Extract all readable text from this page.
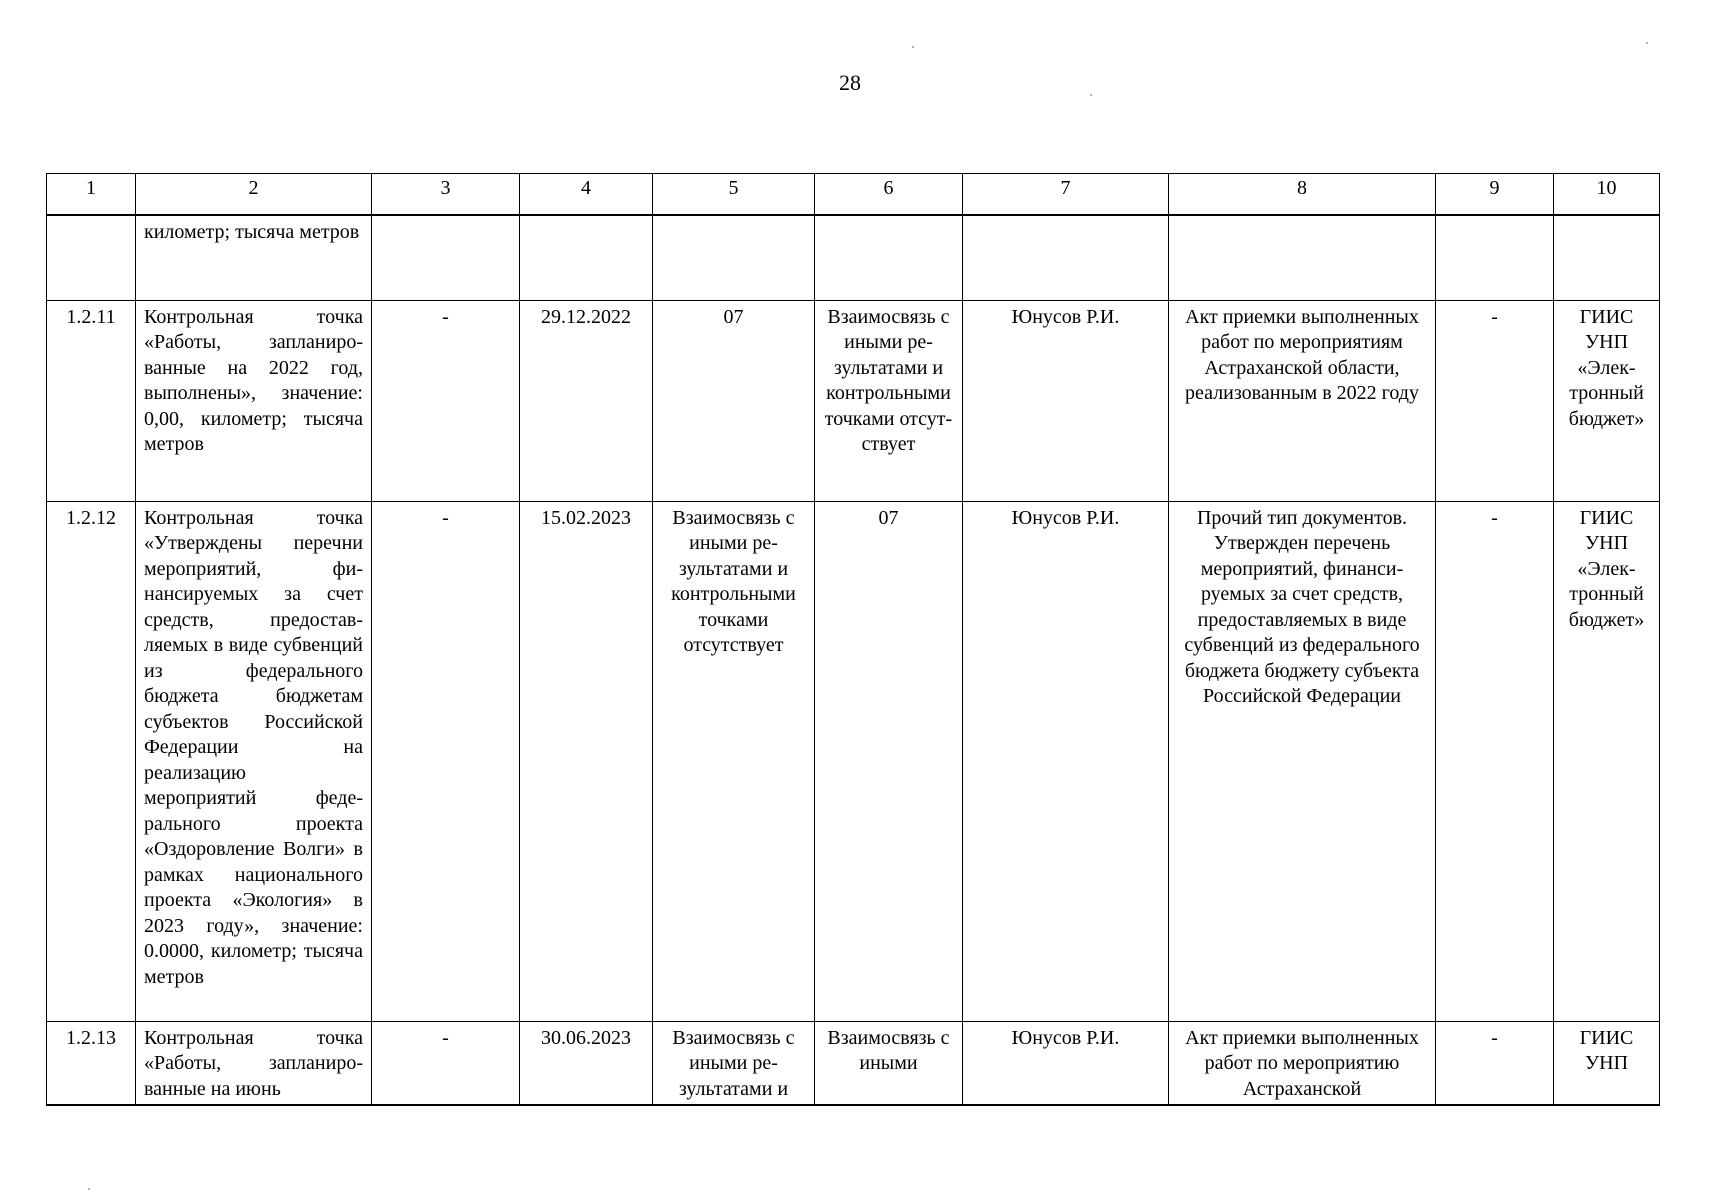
28
1	2	3	4	5	6	7	8	9	10
	километр; тысяча метров								
1.2.11	Контрольная точка «Работы, запланированные на 2022 год, выполнены», значение: 0,00, километр; тысяча метров	-	29.12.2022	07	Взаимосвязь с иными результатами и контрольными точками отсутствует	Юнусов Р.И.	Акт приемки выполненных работ по мероприятиям Астраханской области, реализованным в 2022 году	-	ГИИС УНП «Электронный бюджет»
1.2.12	Контрольная точка «Утверждены перечни мероприятий, финансируемых за счет средств, предоставляемых в виде субвенций из федерального бюджета бюджетам субъектов Российской Федерации на реализацию мероприятий федерального проекта «Оздоровление Волги» в рамках национального проекта «Экология» в 2023 году», значение: 0.0000, километр; тысяча метров	-	15.02.2023	Взаимосвязь с иными результатами и контрольными точками отсутствует	07	Юнусов Р.И.	Прочий тип документов. Утвержден перечень мероприятий, финансируемых за счет средств, предоставляемых в виде субвенций из федерального бюджета бюджету субъекта Российской Федерации	-	ГИИС УНП «Электронный бюджет»
1.2.13	Контрольная точка «Работы, запланированные на июнь	-	30.06.2023	Взаимосвязь с иными результатами и	Взаимосвязь с иными	Юнусов Р.И.	Акт приемки выполненных работ по мероприятию Астраханской	-	ГИИС УНП
